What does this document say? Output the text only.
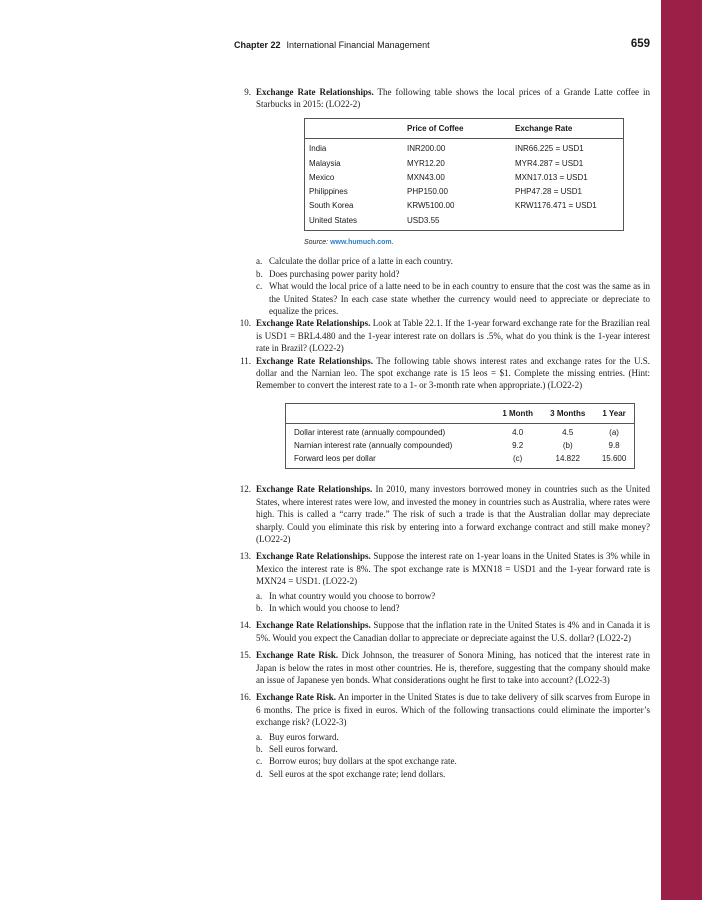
Chapter 22 International Financial Management	659
9. Exchange Rate Relationships. The following table shows the local prices of a Grande Latte coffee in Starbucks in 2015: (LO22-2)
	Price of Coffee	Exchange Rate
India	INR200.00	INR66.225 = USD1
Malaysia	MYR12.20	MYR4.287 = USD1
Mexico	MXN43.00	MXN17.013 = USD1
Philippines	PHP150.00	PHP47.28 = USD1
South Korea	KRW5100.00	KRW1176.471 = USD1
United States	USD3.55	
Source: www.humuch.com.
a. Calculate the dollar price of a latte in each country.
b. Does purchasing power parity hold?
c. What would the local price of a latte need to be in each country to ensure that the cost was the same as in the United States? In each case state whether the currency would need to appreciate or depreciate to equalize the prices.
10. Exchange Rate Relationships. Look at Table 22.1. If the 1-year forward exchange rate for the Brazilian real is USD1 = BRL4.480 and the 1-year interest rate on dollars is .5%, what do you think is the 1-year interest rate in Brazil? (LO22-2)
11. Exchange Rate Relationships. The following table shows interest rates and exchange rates for the U.S. dollar and the Narnian leo. The spot exchange rate is 15 leos = $1. Complete the missing entries. (Hint: Remember to convert the interest rate to a 1- or 3-month rate when appropriate.) (LO22-2)
	1 Month	3 Months	1 Year
Dollar interest rate (annually compounded)	4.0	4.5	(a)
Narnian interest rate (annually compounded)	9.2	(b)	9.8
Forward leos per dollar	(c)	14.822	15.600
12. Exchange Rate Relationships. In 2010, many investors borrowed money in countries such as the United States, where interest rates were low, and invested the money in countries such as Australia, where rates were high. This is called a “carry trade.” The risk of such a trade is that the Australian dollar may depreciate sharply. Could you eliminate this risk by entering into a forward exchange contract and still make money? (LO22-2)
13. Exchange Rate Relationships. Suppose the interest rate on 1-year loans in the United States is 3% while in Mexico the interest rate is 8%. The spot exchange rate is MXN18 = USD1 and the 1-year forward rate is MXN24 = USD1. (LO22-2)
a. In what country would you choose to borrow?
b. In which would you choose to lend?
14. Exchange Rate Relationships. Suppose that the inflation rate in the United States is 4% and in Canada it is 5%. Would you expect the Canadian dollar to appreciate or depreciate against the U.S. dollar? (LO22-2)
15. Exchange Rate Risk. Dick Johnson, the treasurer of Sonora Mining, has noticed that the interest rate in Japan is below the rates in most other countries. He is, therefore, suggesting that the company should make an issue of Japanese yen bonds. What considerations ought he first to take into account? (LO22-3)
16. Exchange Rate Risk. An importer in the United States is due to take delivery of silk scarves from Europe in 6 months. The price is fixed in euros. Which of the following transactions could eliminate the importer’s exchange risk? (LO22-3)
a. Buy euros forward.
b. Sell euros forward.
c. Borrow euros; buy dollars at the spot exchange rate.
d. Sell euros at the spot exchange rate; lend dollars.
